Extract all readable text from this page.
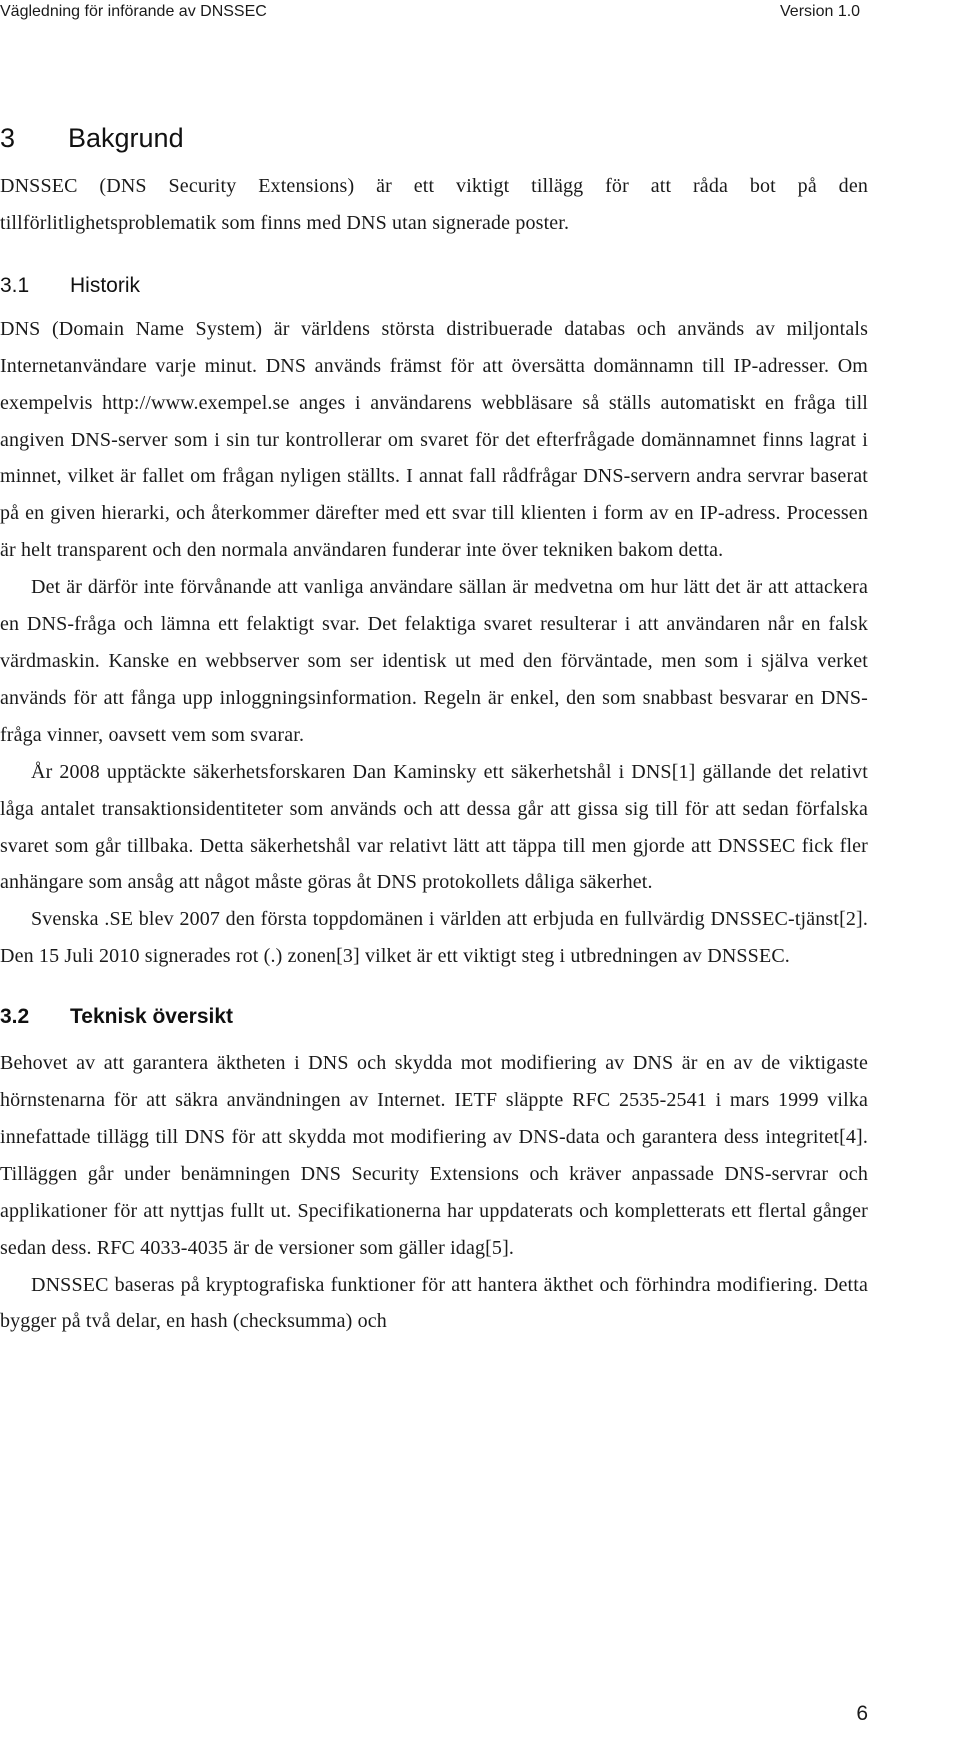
Vägledning för införande av DNSSEC	Version 1.0
3 Bakgrund

DNSSEC (DNS Security Extensions) är ett viktigt tillägg för att råda bot på den tillförlitlighetsproblematik som finns med DNS utan signerade poster.

3.1 Historik

DNS (Domain Name System) är världens största distribuerade databas och används av miljontals Internetanvändare varje minut. DNS används främst för att översätta domännamn till IP-adresser. Om exempelvis http://www.exempel.se anges i användarens webbläsare så ställs automatiskt en fråga till angiven DNS-server som i sin tur kontrollerar om svaret för det efterfrågade domännamnet finns lagrat i minnet, vilket är fallet om frågan nyligen ställts. I annat fall rådfrågar DNS-servern andra servrar baserat på en given hierarki, och återkommer därefter med ett svar till klienten i form av en IP-adress. Processen är helt transparent och den normala användaren funderar inte över tekniken bakom detta.

Det är därför inte förvånande att vanliga användare sällan är medvetna om hur lätt det är att attackera en DNS-fråga och lämna ett felaktigt svar. Det felaktiga svaret resulterar i att användaren når en falsk värdmaskin. Kanske en webbserver som ser identisk ut med den förväntade, men som i själva verket används för att fånga upp inloggningsinformation. Regeln är enkel, den som snabbast besvarar en DNS-fråga vinner, oavsett vem som svarar.

År 2008 upptäckte säkerhetsforskaren Dan Kaminsky ett säkerhetshål i DNS[1] gällande det relativt låga antalet transaktionsidentiteter som används och att dessa går att gissa sig till för att sedan förfalska svaret som går tillbaka. Detta säkerhetshål var relativt lätt att täppa till men gjorde att DNSSEC fick fler anhängare som ansåg att något måste göras åt DNS protokollets dåliga säkerhet.

Svenska .SE blev 2007 den första toppdomänen i världen att erbjuda en fullvärdig DNSSEC-tjänst[2]. Den 15 Juli 2010 signerades rot (.) zonen[3] vilket är ett viktigt steg i utbredningen av DNSSEC.

3.2 Teknisk översikt

Behovet av att garantera äktheten i DNS och skydda mot modifiering av DNS är en av de viktigaste hörnstenarna för att säkra användningen av Internet. IETF släppte RFC 2535-2541 i mars 1999 vilka innefattade tillägg till DNS för att skydda mot modifiering av DNS-data och garantera dess integritet[4]. Tilläggen går under benämningen DNS Security Extensions och kräver anpassade DNS-servrar och applikationer för att nyttjas fullt ut. Specifikationerna har uppdaterats och kompletterats ett flertal gånger sedan dess. RFC 4033-4035 är de versioner som gäller idag[5].

DNSSEC baseras på kryptografiska funktioner för att hantera äkthet och förhindra modifiering. Detta bygger på två delar, en hash (checksumma) och

6
